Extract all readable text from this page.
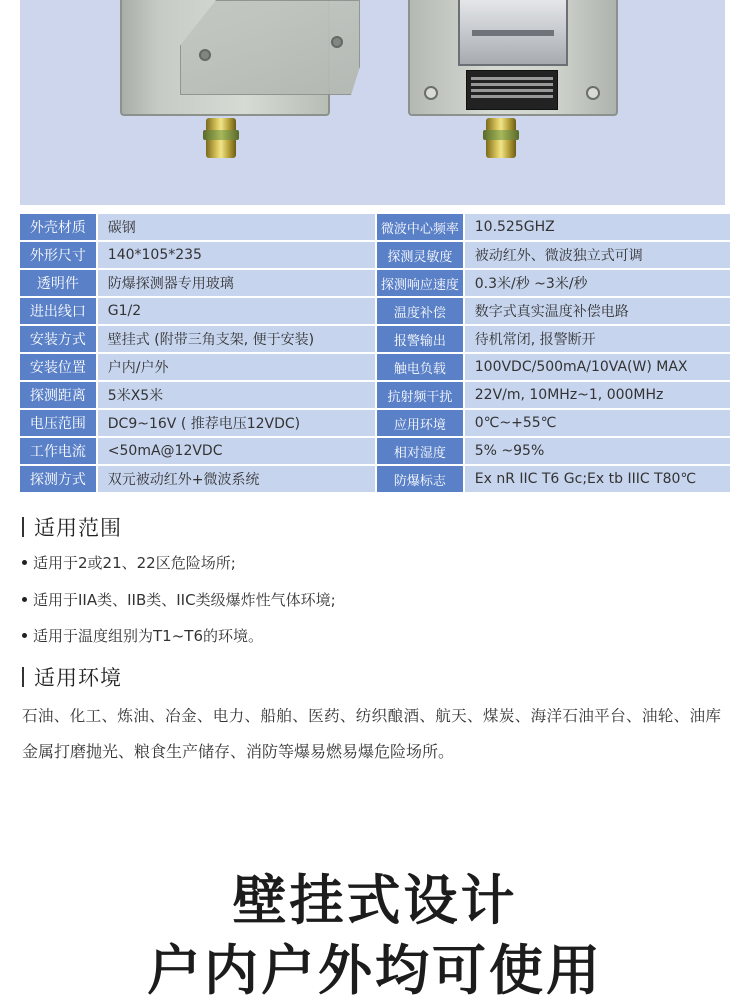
外壳材质	碳钢	微波中心频率	10.525GHZ
外形尺寸	140*105*235	探测灵敏度	被动红外、微波独立式可调
透明件	防爆探测器专用玻璃	探测响应速度	0.3米/秒 ~3米/秒
进出线口	G1/2	温度补偿	数字式真实温度补偿电路
安装方式	壁挂式 (附带三角支架, 便于安装)	报警输出	待机常闭, 报警断开
安装位置	户内/户外	触电负载	100VDC/500mA/10VA(W) MAX
探测距离	5米X5米	抗射频干扰	22V/m, 10MHz~1, 000MHz
电压范围	DC9~16V ( 推荐电压12VDC)	应用环境	0℃~+55℃
工作电流	<50mA@12VDC	相对湿度	5% ~95%
探测方式	双元被动红外+微波系统	防爆标志	Ex nR IIC T6 Gc;Ex tb IIIC T80℃
适用范围
适用于2或21、22区危险场所;
适用于IIA类、IIB类、IIC类级爆炸性气体环境;
适用于温度组别为T1~T6的环境。
适用环境
石油、化工、炼油、冶金、电力、船舶、医药、纺织酿酒、航天、煤炭、海洋石油平台、油轮、油库
金属打磨抛光、粮食生产储存、消防等爆易燃易爆危险场所。
壁挂式设计
户内户外均可使用
